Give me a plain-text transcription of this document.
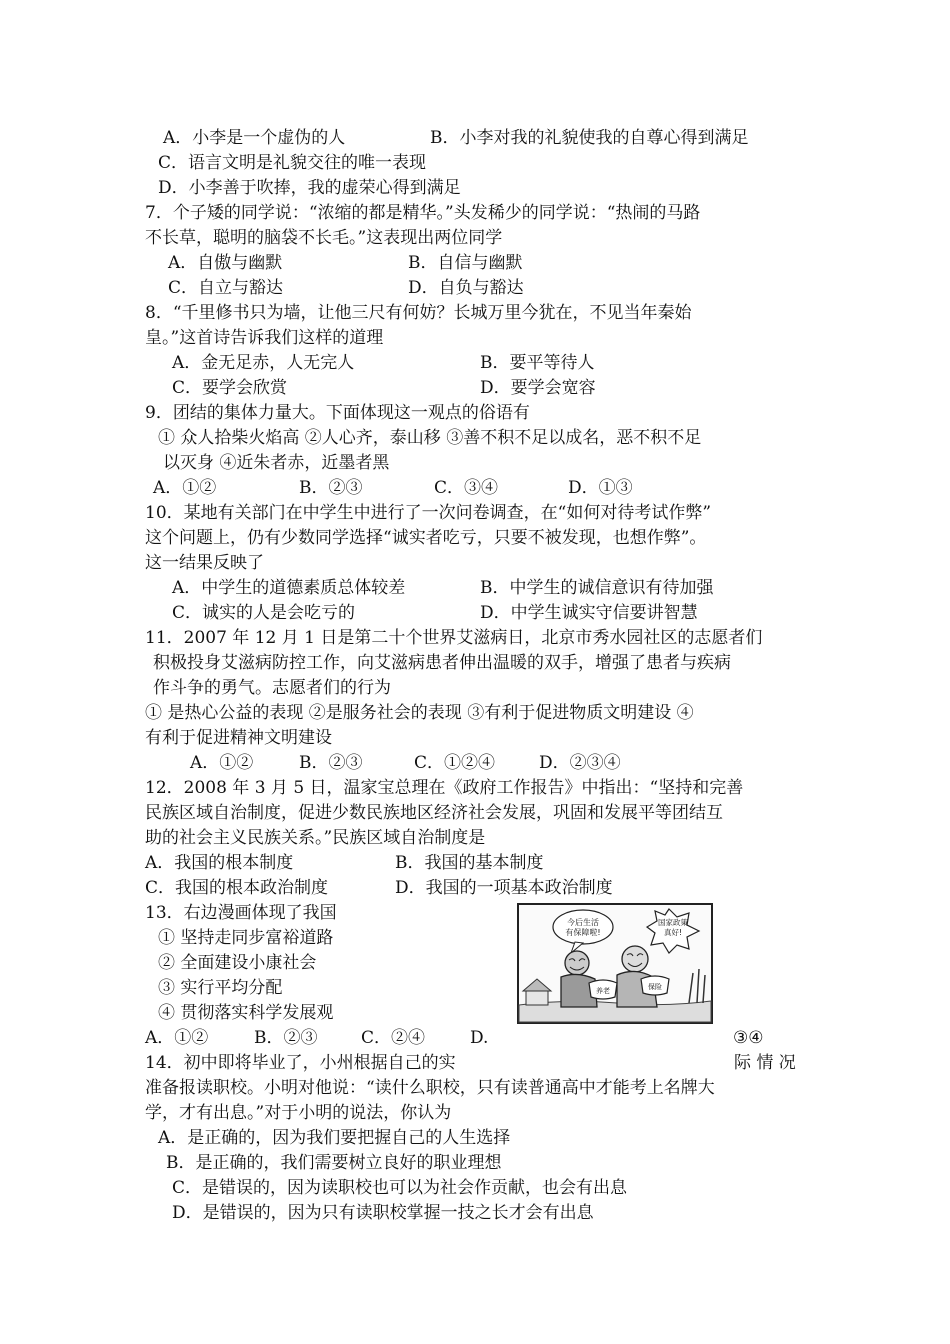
A．小李是一个虚伪的人	B．小李对我的礼貌使我的自尊心得到满足
C．语言文明是礼貌交往的唯一表现
D．小李善于吹捧，我的虚荣心得到满足
7．个子矮的同学说：“浓缩的都是精华。”头发稀少的同学说：“热闹的马路
不长草，聪明的脑袋不长毛。”这表现出两位同学
A．自傲与幽默	B．自信与幽默
C．自立与豁达	D．自负与豁达
8．“千里修书只为墙，让他三尺有何妨？长城万里今犹在，不见当年秦始
皇。”这首诗告诉我们这样的道理
A．金无足赤，人无完人	B．要平等待人
C．要学会欣赏	D．要学会宽容
9．团结的集体力量大。下面体现这一观点的俗语有
① 众人拾柴火焰高 ②人心齐，泰山移 ③善不积不足以成名，恶不积不足
以灭身 ④近朱者赤，近墨者黑
A．①②	B．②③	C．③④	D．①③
10．某地有关部门在中学生中进行了一次问卷调查，在“如何对待考试作弊”
这个问题上，仍有少数同学选择“诚实者吃亏，只要不被发现，也想作弊”。
这一结果反映了
A．中学生的道德素质总体较差	B．中学生的诚信意识有待加强
C．诚实的人是会吃亏的	D．中学生诚实守信要讲智慧
11．2007 年 12 月 1 日是第二十个世界艾滋病日，北京市秀水园社区的志愿者们
积极投身艾滋病防控工作，向艾滋病患者伸出温暖的双手，增强了患者与疾病
作斗争的勇气。志愿者们的行为
① 是热心公益的表现 ②是服务社会的表现 ③有利于促进物质文明建设 ④
有利于促进精神文明建设
A．①②	B．②③	C．①②④	D．②③④
12．2008 年 3 月 5 日，温家宝总理在《政府工作报告》中指出：“坚持和完善
民族区域自治制度，促进少数民族地区经济社会发展，巩固和发展平等团结互
助的社会主义民族关系。”民族区域自治制度是
A．我国的根本制度	B．我国的基本制度
C．我国的根本政治制度	D．我国的一项基本政治制度
13．右边漫画体现了我国
① 坚持走同步富裕道路
② 全面建设小康社会
③ 实行平均分配
④ 贯彻落实科学发展观
A．①②	B．②③	C．②④	D.	③④
今后生活
有保障啦!
国家政策
真好!
养老	保险
14．初中即将毕业了，小州根据自己的实	际 情 况
准备报读职校。小明对他说：“读什么职校，只有读普通高中才能考上名牌大
学，才有出息。”对于小明的说法，你认为
A．是正确的，因为我们要把握自己的人生选择
B．是正确的，我们需要树立良好的职业理想
C．是错误的，因为读职校也可以为社会作贡献，也会有出息
D．是错误的，因为只有读职校掌握一技之长才会有出息
